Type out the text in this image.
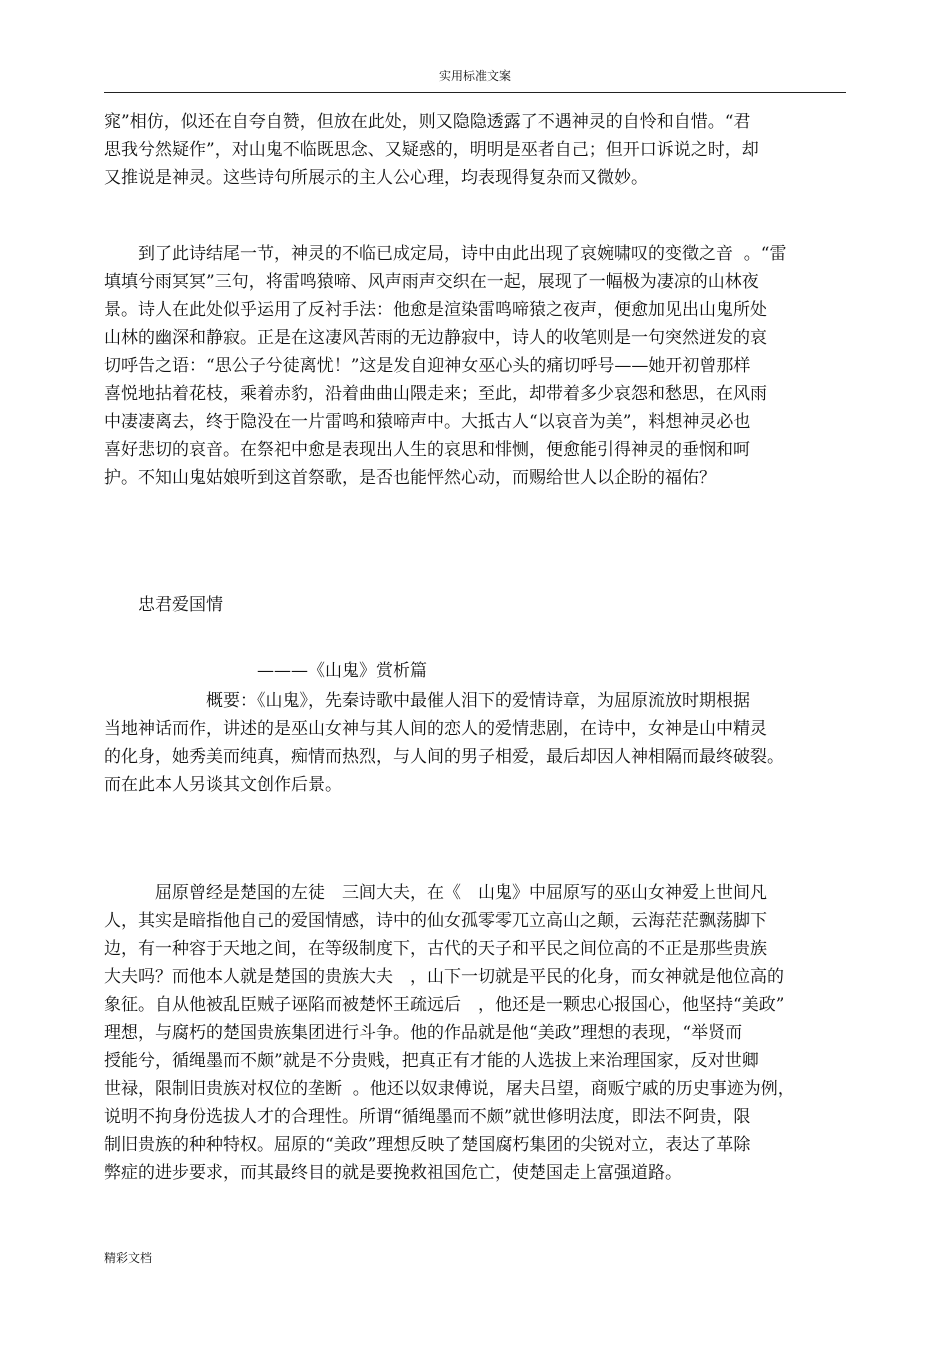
实用标准文案

窕”相仿，似还在自夸自赞，但放在此处，则又隐隐透露了不遇神灵的自怜和自惜。“君
思我兮然疑作”，对山鬼不临既思念、又疑惑的，明明是巫者自己；但开口诉说之时，却
又推说是神灵。这些诗句所展示的主人公心理，均表现得复杂而又微妙。

　　到了此诗结尾一节，神灵的不临已成定局，诗中由此出现了哀婉啸叹的变徵之音  。“雷
填填兮雨冥冥”三句，将雷鸣猿啼、风声雨声交织在一起，展现了一幅极为凄凉的山林夜
景。诗人在此处似乎运用了反衬手法：他愈是渲染雷鸣啼猿之夜声，便愈加见出山鬼所处
山林的幽深和静寂。正是在这凄风苦雨的无边静寂中，诗人的收笔则是一句突然迸发的哀
切呼告之语：“思公子兮徒离忧！”这是发自迎神女巫心头的痛切呼号——她开初曾那样
喜悦地拈着花枝，乘着赤豹，沿着曲曲山隈走来；至此，却带着多少哀怨和愁思，在风雨
中凄凄离去，终于隐没在一片雷鸣和猿啼声中。大抵古人“以哀音为美”，料想神灵必也
喜好悲切的哀音。在祭祀中愈是表现出人生的哀思和悱恻，便愈能引得神灵的垂悯和呵
护。不知山鬼姑娘听到这首祭歌，是否也能怦然心动，而赐给世人以企盼的福佑？

　　忠君爱国情

　　　　　　　　　———《山鬼》赏析篇

　　　　　　概要：《山鬼》，先秦诗歌中最催人泪下的爱情诗章，为屈原流放时期根据
当地神话而作，讲述的是巫山女神与其人间的恋人的爱情悲剧，在诗中，女神是山中精灵
的化身，她秀美而纯真，痴情而热烈，与人间的男子相爱，最后却因人神相隔而最终破裂。
而在此本人另谈其文创作后景。

　　　屈原曾经是楚国的左徒　三闾大夫，在《　山鬼》中屈原写的巫山女神爱上世间凡
人，其实是暗指他自己的爱国情感，诗中的仙女孤零零兀立高山之颠，云海茫茫飘荡脚下
边，有一种容于天地之间，在等级制度下，古代的天子和平民之间位高的不正是那些贵族
大夫吗？而他本人就是楚国的贵族大夫　，山下一切就是平民的化身，而女神就是他位高的
象征。自从他被乱臣贼子诬陷而被楚怀王疏远后　，他还是一颗忠心报国心，他坚持“美政”
理想，与腐朽的楚国贵族集团进行斗争。他的作品就是他“美政”理想的表现，“举贤而
授能兮，循绳墨而不颇”就是不分贵贱，把真正有才能的人选拔上来治理国家，反对世卿
世禄，限制旧贵族对权位的垄断  。他还以奴隶傅说，屠夫吕望，商贩宁戚的历史事迹为例，
说明不拘身份选拔人才的合理性。所谓“循绳墨而不颇”就世修明法度，即法不阿贵，限
制旧贵族的种种特权。屈原的“美政”理想反映了楚国腐朽集团的尖锐对立，表达了革除
弊症的进步要求，而其最终目的就是要挽救祖国危亡，使楚国走上富强道路。

精彩文档
